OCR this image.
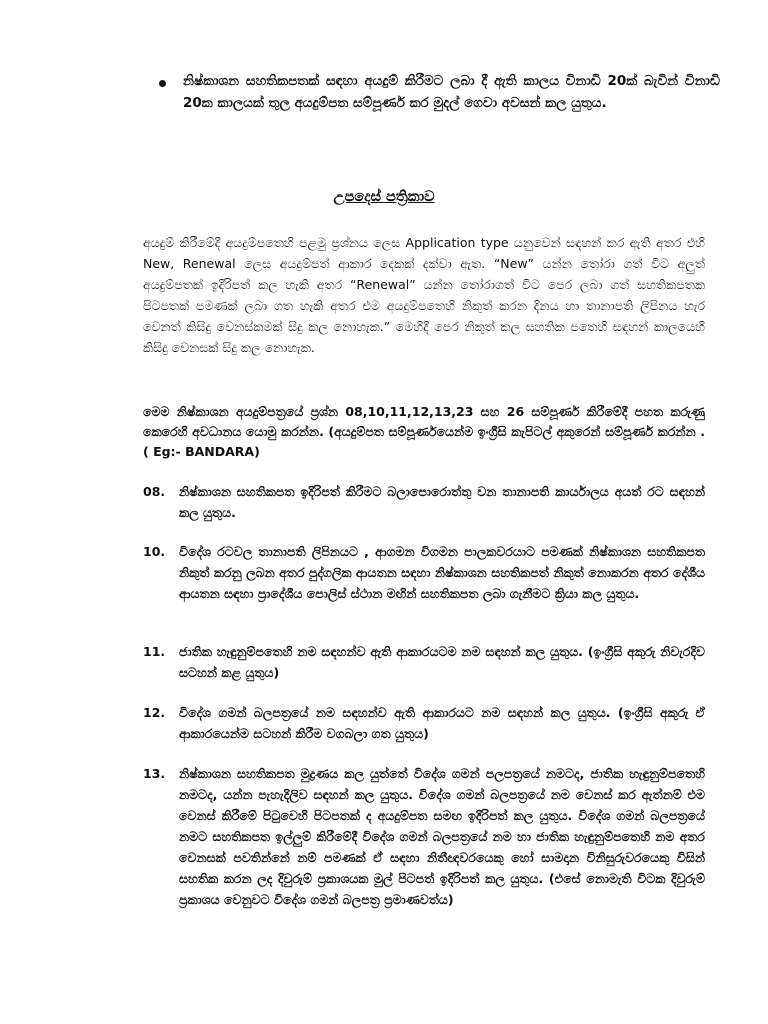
නිෂ්කාශන සහතිකපතක් සඳහා අයදුම් කිරීමට ලබා දී ඇති කාලය විනාඩි 20ක් බැවින් විනාඩි 20ක කාලයක් තුල අයදුම්පත සම්පූර්ණ කර මුදල් ගෙවා අවසන් කල යුතුය.
උපදෙස් පත්‍රිකාව
අයදුම් කිරීමේදී අයදුම්පතෙහි පළමු ප්‍රශ්නය ලෙස Application type යනුවෙන් සඳහන් කර ඇති අතර එහි New, Renewal ලෙස අයදුම්පත් ආකාර දෙකක් දක්වා ඇත. “New” යන්න තෝරා ගත් විට අලුත් අයදුම්පතක් ඉදිරිපත් කල හැකි අතර “Renewal” යන්න තෝරාගත් විට පෙර ලබා ගත් සහතිකපතක පිටපතක් පමණක් ලබා ගත හැකි අතර එම අයදුම්පතෙහි නිකුත් කරන දිනය හා තානාපති ලිපිනය හැර වෙනත් කිසිදු වෙනස්කමක් සිදු කල නොහැක.” මෙහිදී පෙර නිකුත් කල සහතික පතෙහි සඳහන් කාලයෙහි කිසිදු වෙනසක් සිදු කල නොහැක.
මෙම නිෂ්කාශන අයදුම්පත්‍රයේ ප්‍රශ්න 08,10,11,12,13,23 සහ 26 සම්පූර්ණ කිරීමේදී පහත කරුණු කෙරෙහි අවධානය යොමු කරන්න. (අයදුම්පත සම්පූර්ණයෙන්ම ඉංග්‍රීසි කැපිටල් අකුරෙන් සම්පූර්ණ කරන්න . ( Eg:- BANDARA)
08. නිෂ්කාශන සහතිකපත ඉදිරිපත් කිරීමට බලාපොරොත්තු වන තානාපති කාර්යාලය අයත් රට සඳහන් කල යුතුය.
10. විදේශ රටවල තානාපති ලිපිනයට , ආගමන විගමන පාලකවරයාට පමණක් නිෂ්කාශන සහතිකපත නිකුත් කරනු ලබන අතර පුද්ගලික ආයතන සඳහා නිෂ්කාශන සහතිකපත් නිකුත් නොකරන අතර දේශීය ආයතන සඳහා ප්‍රාදේශීය පොලිස් ස්ථාන මඟින් සහතිකපත ලබා ගැනීමට ක්‍රියා කල යුතුය.
11. ජාතික හැඳුනුම්පතෙහි නම සඳහන්ව ඇති ආකාරයටම නම සඳහන් කල යුතුය. (ඉංග්‍රීසි අකුරු නිවැරදිව සටහන් කළ යුතුය)
12. විදේශ ගමන් බලපත්‍රයේ නම සඳහන්ව ඇති ආකාරයට නම සඳහන් කල යුතුය. (ඉංග්‍රීසි අකුරු ඒ ආකාරයෙන්ම සටහන් කිරීම වගබලා ගත යුතුය)
13. නිෂ්කාශන සහතිකපත මුද්‍රණය කල යුත්තේ විදේශ ගමන් පලපත්‍රයේ නමටද, ජාතික හැඳුනුම්පතෙහි නමටද, යන්න පැහැදිලිව සඳහන් කල යුතුය. විදේශ ගමන් බලපත්‍රයේ නම වෙනස් කර ඇත්නම් එම වෙනස් කිරීමේ පිටුවෙහි පිටපතක් ද අයදුම්පත සමඟ ඉදිරිපත් කල යුතුය. විදේශ ගමන් බලපත්‍රයේ නමට සහතිකපත ඉල්ලුම් කිරීමේදී විදේශ ගමන් බලපත්‍රයේ නම හා ජාතික හැඳුනුම්පතෙහි නම අතර වෙනසක් පවතින්නේ නම් පමණක් ඒ සඳහා නිතීඥවරයෙකු හෝ සාමදාන විනිසුරුවරයෙකු විසින් සහතික කරන ලද දිවුරුම් ප්‍රකාශයක මුල් පිටපත් ඉදිරිපත් කල යුතුය. (එසේ නොමැති විටක දිවුරුම් ප්‍රකාශය වෙනුවට විදේශ ගමන් බලපත්‍ර ප්‍රමාණවත්ය)
